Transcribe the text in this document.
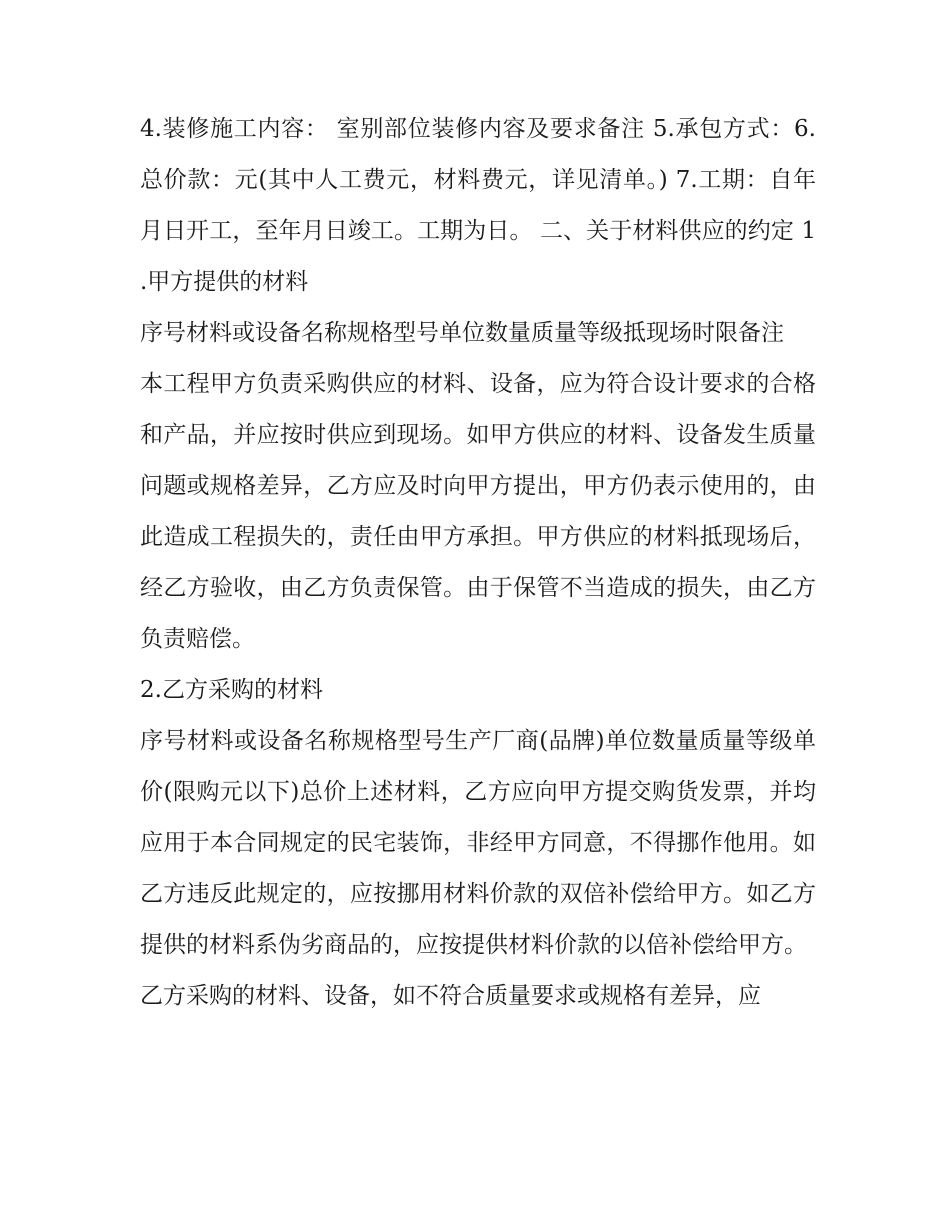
4.装修施工内容： 室别部位装修内容及要求备注 5.承包方式：6.总价款：元(其中人工费元，材料费元，详见清单。) 7.工期：自年月日开工，至年月日竣工。工期为日。 二、关于材料供应的约定 1.甲方提供的材料

序号材料或设备名称规格型号单位数量质量等级抵现场时限备注

本工程甲方负责采购供应的材料、设备，应为符合设计要求的合格和产品，并应按时供应到现场。如甲方供应的材料、设备发生质量问题或规格差异，乙方应及时向甲方提出，甲方仍表示使用的，由此造成工程损失的，责任由甲方承担。甲方供应的材料抵现场后，经乙方验收，由乙方负责保管。由于保管不当造成的损失，由乙方负责赔偿。

2.乙方采购的材料

序号材料或设备名称规格型号生产厂商(品牌)单位数量质量等级单价(限购元以下)总价上述材料，乙方应向甲方提交购货发票，并均应用于本合同规定的民宅装饰，非经甲方同意，不得挪作他用。如乙方违反此规定的，应按挪用材料价款的双倍补偿给甲方。如乙方提供的材料系伪劣商品的，应按提供材料价款的以倍补偿给甲方。

乙方采购的材料、设备，如不符合质量要求或规格有差异，应
